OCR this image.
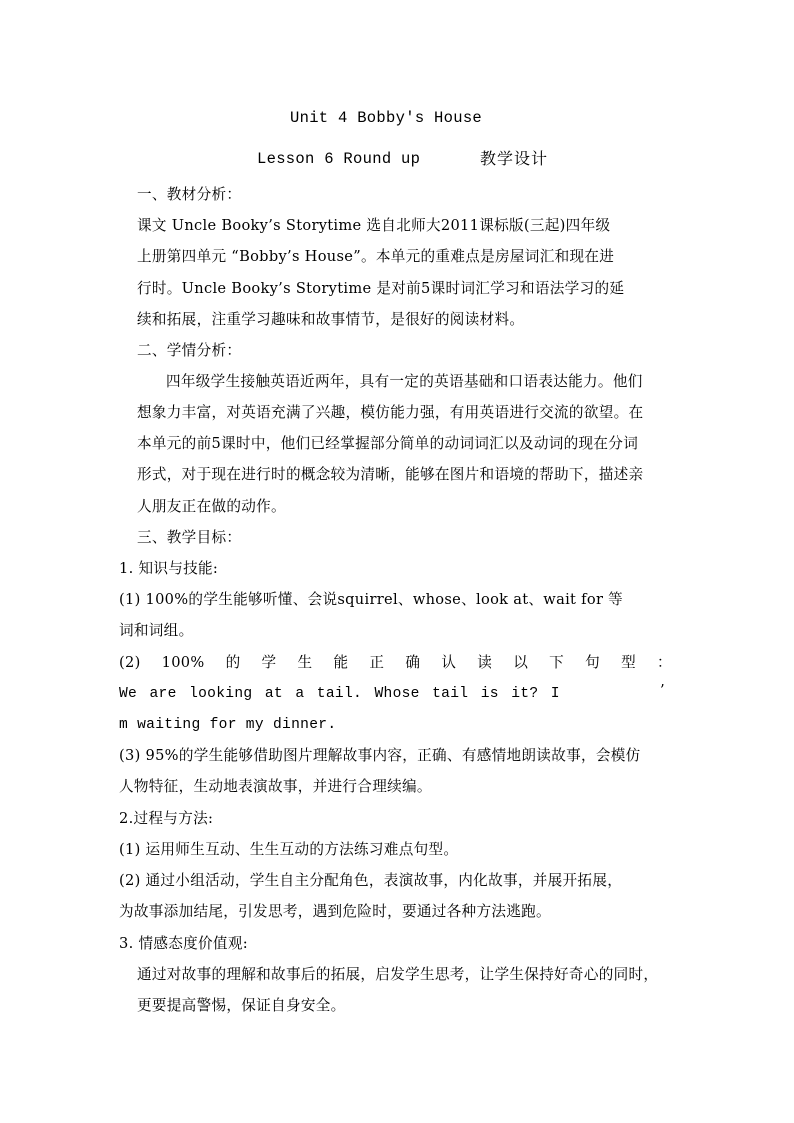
Unit 4 Bobby's House
Lesson 6 Round up	教学设计
一、教材分析：
课文 Uncle Booky’s Storytime 选自北师大2011课标版(三起)四年级
上册第四单元 “Bobby’s House”。本单元的重难点是房屋词汇和现在进
行时。Uncle Booky’s Storytime 是对前5课时词汇学习和语法学习的延
续和拓展，注重学习趣味和故事情节，是很好的阅读材料。
二、学情分析：
四年级学生接触英语近两年，具有一定的英语基础和口语表达能力。他们
想象力丰富，对英语充满了兴趣，模仿能力强，有用英语进行交流的欲望。在
本单元的前5课时中，他们已经掌握部分简单的动词词汇以及动词的现在分词
形式，对于现在进行时的概念较为清晰，能够在图片和语境的帮助下，描述亲
人朋友正在做的动作。
三、教学目标：
1. 知识与技能:
(1) 100%的学生能够听懂、会说squirrel、whose、look at、wait for 等
词和词组。
(2) 100% 的 学 生 能 正 确 认 读 以 下 句 型 ：
We are looking at a tail. Whose tail is it? I	’
m waiting for my dinner.
(3) 95%的学生能够借助图片理解故事内容，正确、有感情地朗读故事，会模仿
人物特征，生动地表演故事，并进行合理续编。
2.过程与方法:
(1) 运用师生互动、生生互动的方法练习难点句型。
(2) 通过小组活动，学生自主分配角色，表演故事，内化故事，并展开拓展，
为故事添加结尾，引发思考，遇到危险时，要通过各种方法逃跑。
3. 情感态度价值观:
通过对故事的理解和故事后的拓展，启发学生思考，让学生保持好奇心的同时，
更要提高警惕，保证自身安全。
